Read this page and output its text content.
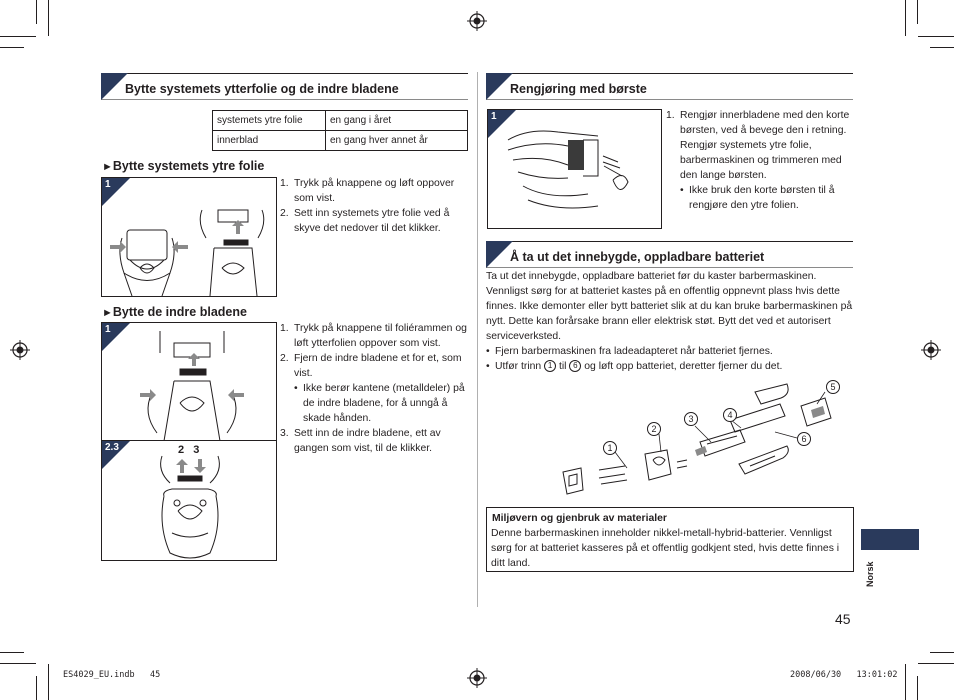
Bytte systemets ytterfolie og de indre bladene
systemets ytre folie	en gang i året
innerblad	en gang hver annet år
►Bytte systemets ytre folie
1	1. Trykk på knappene og løft oppover som vist.
2. Sett inn systemets ytre folie ved å skyve det nedover til det klikker.
►Bytte de indre bladene
1
2.3	2   3
1. Trykk på knappene til foliérammen og løft ytterfolien oppover som vist.
2. Fjern de indre bladene et for et, som vist.
• Ikke berør kantene (metalldeler) på de indre bladene, for å unngå å skade hånden.
3. Sett inn de indre bladene, ett av gangen som vist, til de klikker.
Rengjøring med børste
1	1. Rengjør innerbladene med den korte børsten, ved å bevege den i retning.
Rengjør systemets ytre folie, barbermaskinen og trimmeren med den lange børsten.
• Ikke bruk den korte børsten til å rengjøre den ytre folien.
Å ta ut det innebygde, oppladbare batteriet
Ta ut det innebygde, oppladbare batteriet før du kaster barbermaskinen. Vennligst sørg for at batteriet kastes på en offentlig oppnevnt plass hvis dette finnes. Ikke demonter eller bytt batteriet slik at du kan bruke barbermaskinen på nytt. Dette kan forårsake brann eller elektrisk støt. Bytt det ved et autorisert serviceverksted.
• Fjern barbermaskinen fra ladeadapteret når batteriet fjernes.
• Utfør trinn 1 til 6 og løft opp batteriet, deretter fjerner du det.
1
2
3	4
5
6
Miljøvern og gjenbruk av materialer
Denne barbermaskinen inneholder nikkel-metall-hybrid-batterier. Vennligst sørg for at batteriet kasseres på et offentlig godkjent sted, hvis dette finnes i ditt land.	Norsk
45
ES4029_EU.indb   45	2008/06/30   13:01:02
